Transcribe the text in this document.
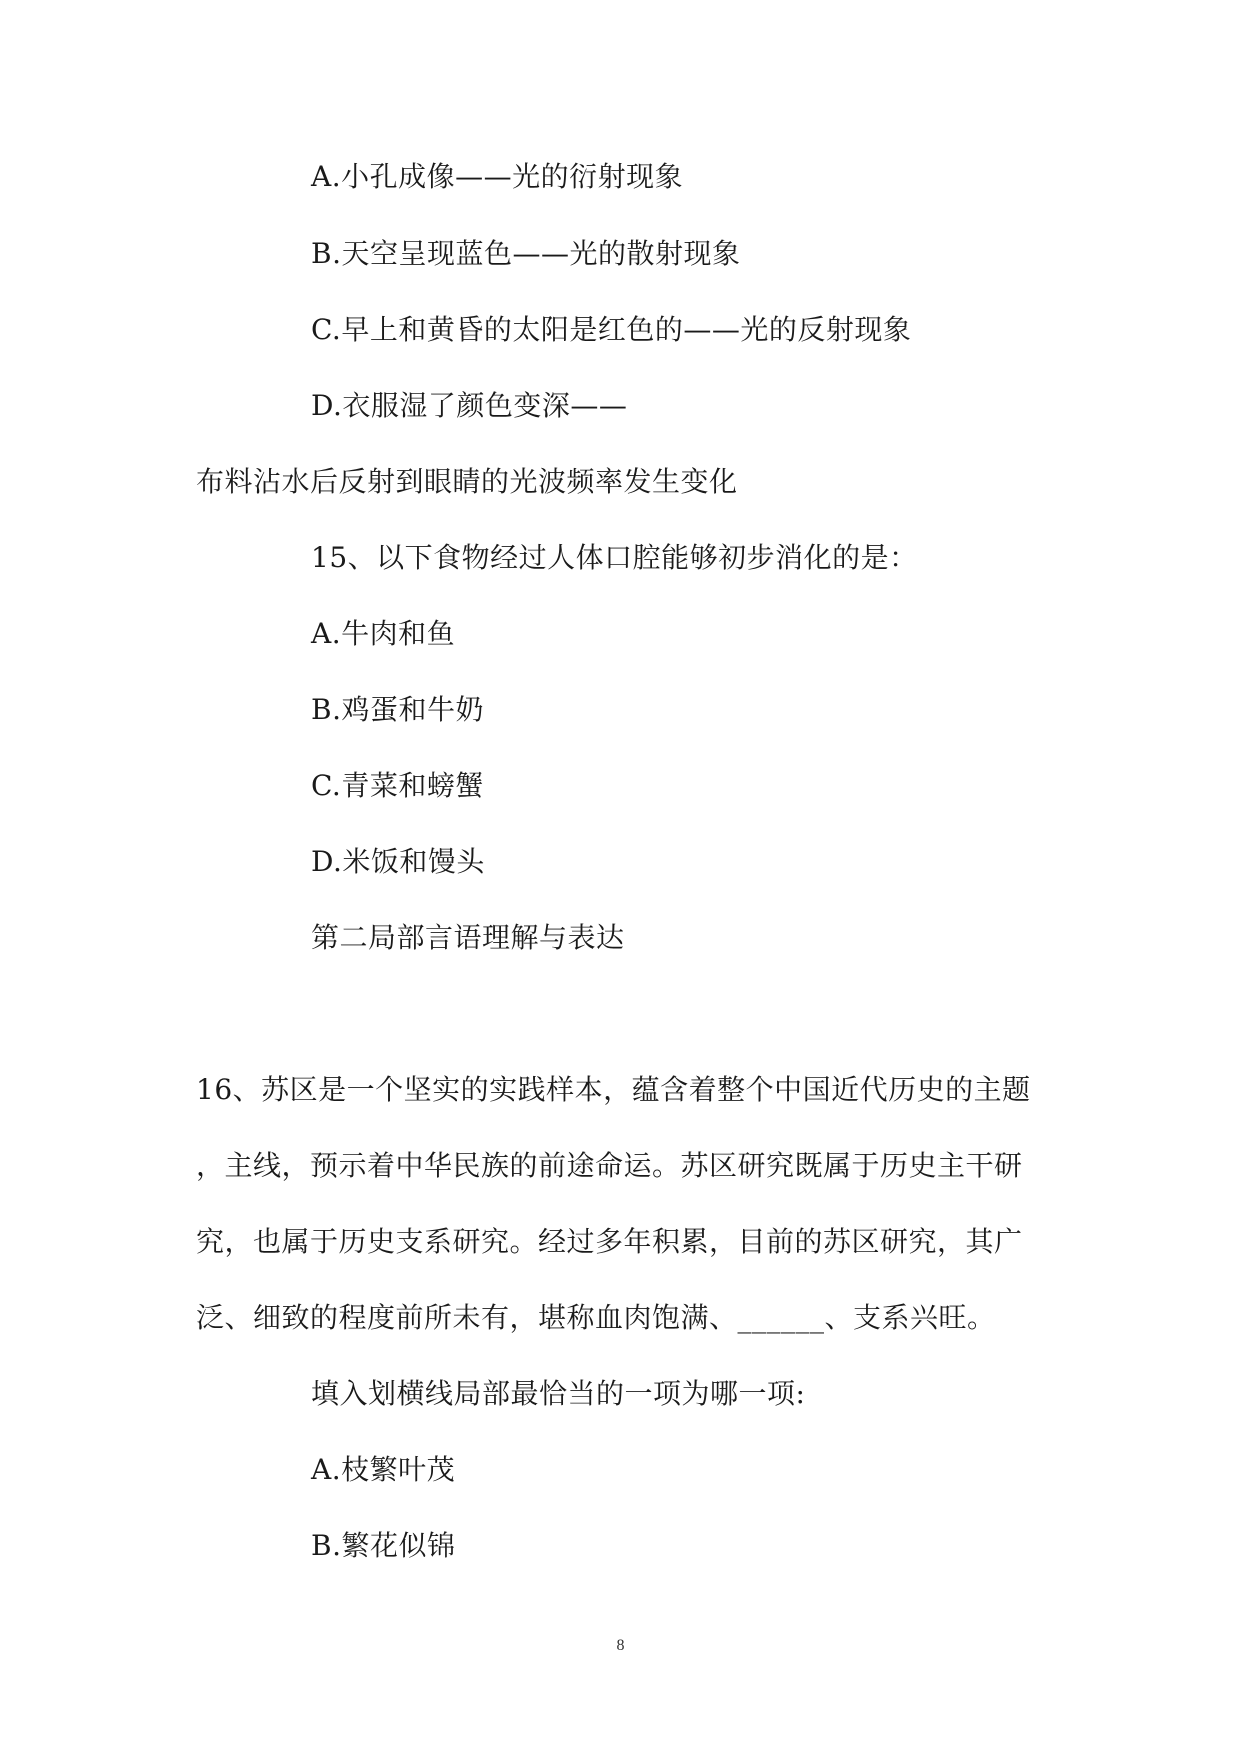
A.小孔成像——光的衍射现象
B.天空呈现蓝色——光的散射现象
C.早上和黄昏的太阳是红色的——光的反射现象
D.衣服湿了颜色变深——
布料沾水后反射到眼睛的光波频率发生变化
15、以下食物经过人体口腔能够初步消化的是：
A.牛肉和鱼
B.鸡蛋和牛奶
C.青菜和螃蟹
D.米饭和馒头
第二局部言语理解与表达
16、苏区是一个坚实的实践样本，蕴含着整个中国近代历史的主题
，主线，预示着中华民族的前途命运。苏区研究既属于历史主干研
究，也属于历史支系研究。经过多年积累，目前的苏区研究，其广
泛、细致的程度前所未有，堪称血肉饱满、______、支系兴旺。
填入划横线局部最恰当的一项为哪一项:
A.枝繁叶茂
B.繁花似锦
8
